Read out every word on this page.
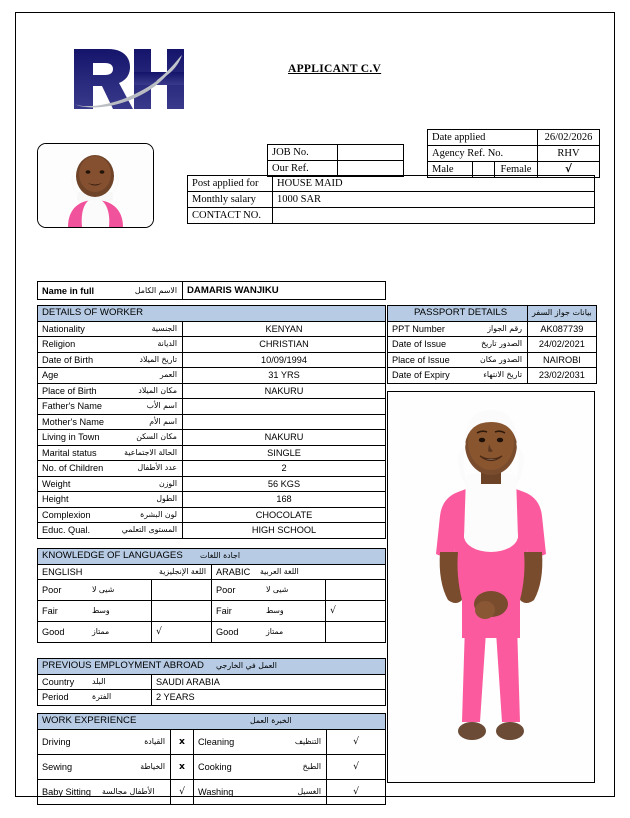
APPLICANT C.V
JOB No.	
Our Ref.	
Date applied			26/02/2026
Agency Ref. No.			RHV
Male		Female	√
Post applied for	HOUSE MAID
Monthly salary	1000 SAR
CONTACT NO.	
Name in full	الاسم الكامل	DAMARIS WANJIKU
DETAILS OF WORKER	

Nationality الجنسية	KENYAN

Religion الديانة	CHRISTIAN

Date of Birth تاريخ الميلاد	10/09/1994

Age العمر	31 YRS

Place of Birth مكان الميلاد	NAKURU

Father's Name اسم الأب	

Mother's Name اسم الأم	

Living in Town مكان السكن	NAKURU

Marital status الحالة الاجتماعية	SINGLE

No. of Children عدد الأطفال	2

Weight الوزن	56 KGS

Height الطول	168

Complexion لون البشرة	CHOCOLATE

Educ. Qual. المستوى التعلمي	HIGH SCHOOL
PASSPORT DETAILS	بيانات جواز السفر

PPT Number رقم الجواز	AK087739

Date of Issue الصدور تاريخ	24/02/2021

Place of Issue الصدور مكان	NAIROBI

Date of Expiry تاريخ الانتهاء	23/02/2031
KNOWLEDGE OF LANGUAGES اجادة اللغات			

ENGLISH اللغة الإنجليزية		ARABIC اللغة العربية	

Poor شيى لا		Poor شيى لا	

Fair وسط		Fair وسط	√

Good ممتاز	√	Good ممتاز	

PREVIOUS EMPLOYMENT ABROAD العمل في الخارجي	

Country البلد	SAUDI ARABIA

Period الفترة	2 YEARS
WORK EXPERIENCE الخبرة العمل			

Driving القيادة	x	Cleaning التنظيف	√

Sewing الخياطة	x	Cooking الطبخ	√

Baby Sitting الأطفال مجالسة	√	Washing الغسيل	√
